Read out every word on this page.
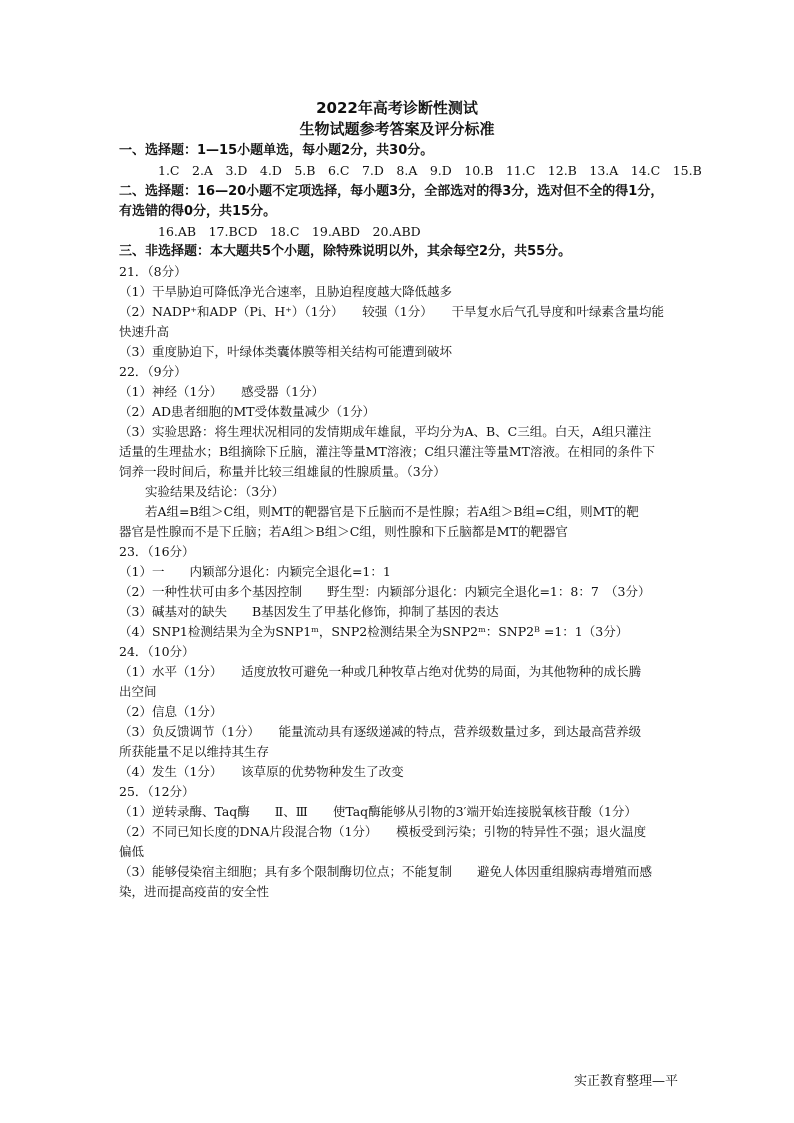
2022年高考诊断性测试
生物试题参考答案及评分标准
一、选择题：1—15小题单选，每小题2分，共30分。
1.C　2.A　3.D　4.D　5.B　6.C　7.D　8.A　9.D　10.B　11.C　12.B　13.A　14.C　15.B
二、选择题：16—20小题不定项选择，每小题3分，全部选对的得3分，选对但不全的得1分，
有选错的得0分，共15分。
16.AB　17.BCD　18.C　19.ABD　20.ABD
三、非选择题：本大题共5个小题，除特殊说明以外，其余每空2分，共55分。
21．（8分）
（1）干旱胁迫可降低净光合速率，且胁迫程度越大降低越多
（2）NADP⁺和ADP（Pi、H⁺）（1分）　　较强（1分）　　干旱复水后气孔导度和叶绿素含量均能
快速升高
（3）重度胁迫下，叶绿体类囊体膜等相关结构可能遭到破坏
22．（9分）
（1）神经（1分）　　感受器（1分）
（2）AD患者细胞的MT受体数量减少（1分）
（3）实验思路：将生理状况相同的发情期成年雄鼠，平均分为A、B、C三组。白天，A组只灌注
适量的生理盐水；B组摘除下丘脑，灌注等量MT溶液；C组只灌注等量MT溶液。在相同的条件下
饲养一段时间后，称量并比较三组雄鼠的性腺质量。（3分）
实验结果及结论：（3分）
若A组=B组＞C组，则MT的靶器官是下丘脑而不是性腺；若A组＞B组=C组，则MT的靶
器官是性腺而不是下丘脑；若A组＞B组＞C组，则性腺和下丘脑都是MT的靶器官
23．（16分）
（1）一　　内颖部分退化：内颖完全退化=1：1
（2）一种性状可由多个基因控制　　野生型：内颖部分退化：内颖完全退化=1：8：7　（3分）
（3）碱基对的缺失　　B基因发生了甲基化修饰，抑制了基因的表达
（4）SNP1检测结果为全为SNP1ᵐ，SNP2检测结果全为SNP2ᵐ：SNP2ᴮ =1：1（3分）
24．（10分）
（1）水平（1分）　　适度放牧可避免一种或几种牧草占绝对优势的局面，为其他物种的成长腾
出空间
（2）信息（1分）
（3）负反馈调节（1分）　　能量流动具有逐级递减的特点，营养级数量过多，到达最高营养级
所获能量不足以维持其生存
（4）发生（1分）　　该草原的优势物种发生了改变
25．（12分）
（1）逆转录酶、Taq酶　　Ⅱ、Ⅲ　　使Taq酶能够从引物的3′端开始连接脱氧核苷酸（1分）
（2）不同已知长度的DNA片段混合物（1分）　　模板受到污染；引物的特异性不强；退火温度
偏低
（3）能够侵染宿主细胞；具有多个限制酶切位点；不能复制　　避免人体因重组腺病毒增殖而感
染，进而提高疫苗的安全性
实正教育整理—平
